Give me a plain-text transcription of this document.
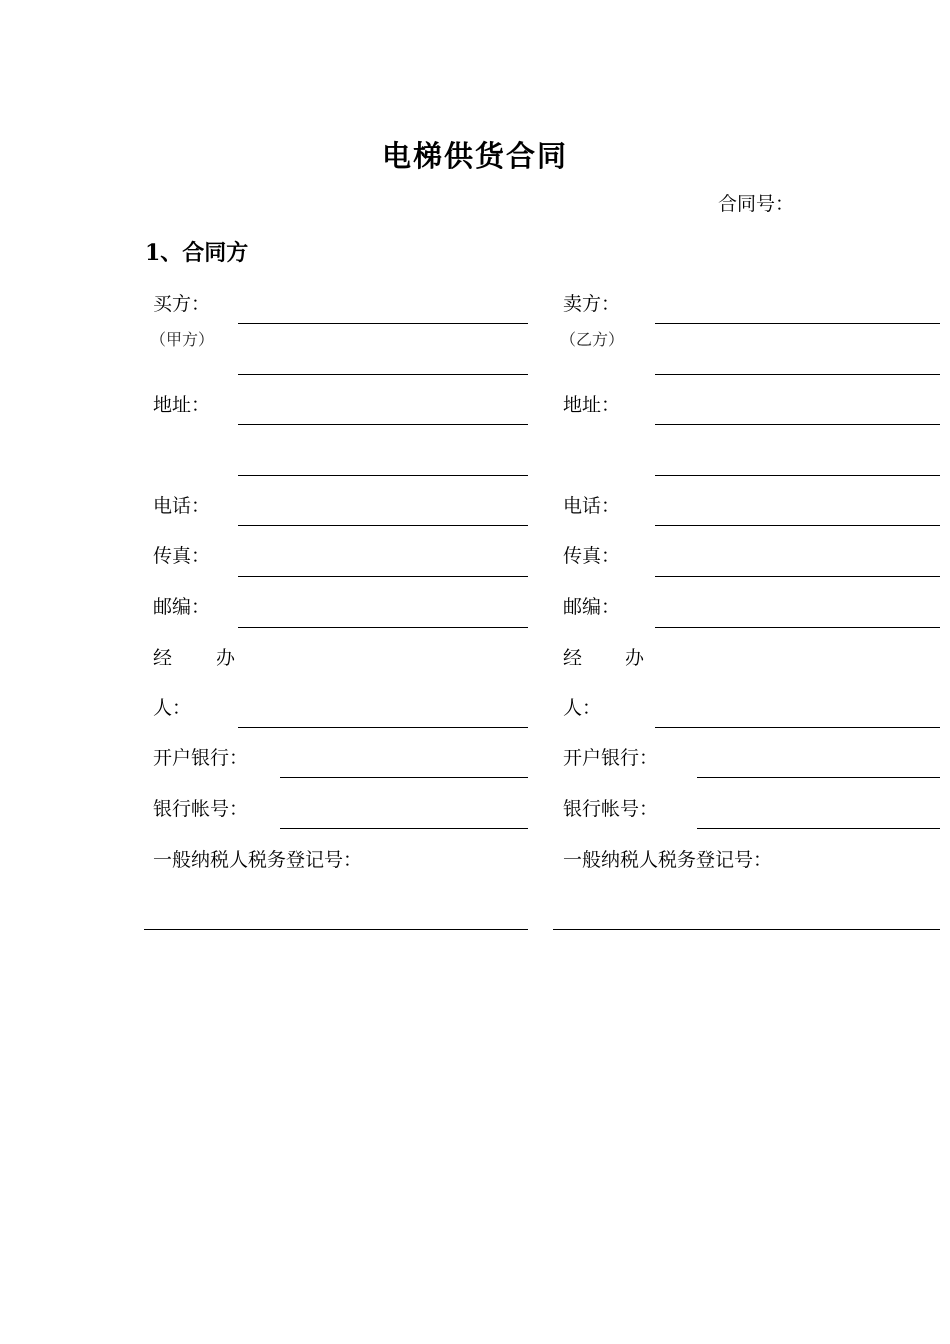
电梯供货合同
合同号：
1、合同方
买方：
（甲方）
地址：
电话：
传真：
邮编：
经 办
人：
开户银行：
银行帐号：
一般纳税人税务登记号：
卖方：
（乙方）
地址：
电话：
传真：
邮编：
经 办
人：
开户银行：
银行帐号：
一般纳税人税务登记号：
